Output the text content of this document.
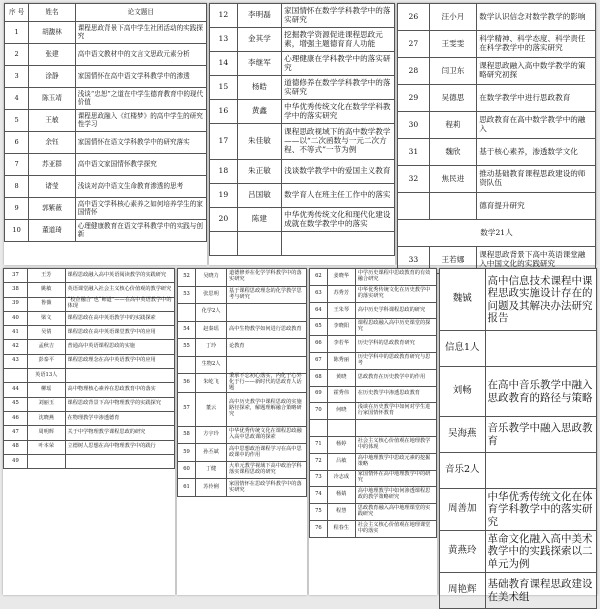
序 号	姓名	论文题目
1	胡馥林	课程思政背景下高中学生社团活动的实践探究
2	张建	高中语文教材中的文言文思政元素分析
3	涂静	家国情怀在高中语文学科教学中的渗透
4	陈玉靖	浅谈“忠恕”之道在中学生德育教育中的现代价值
5	王敏	课程思政融入《红楼梦》的高中学生的研究性学习
6	余钰	家国情怀在语文学科教学中的研究落实
7	苏亚群	高中语文家国情怀教学探究
8	诸莹	浅谈对高中语文生命教育渗透的思考
9	郭紫薇	高中语文学科核心素养之如何培养学生的家国情怀
10	董道琦	心理健康教育在语文学科教学中的实践与创新
12	李明磊	家国情怀在数学学科教学中的落实研究
13	金其学	挖掘教学资源促进课程思政元素，增强主题德育育人功能
14	李继军	心理健康在学科教学中的落实研究
15	杨皓	道德修养在数学学科教学中的落实研究
16	黄鑫	中华优秀传统文化在数学学科教学中的落实研究
17	朱佳敏	课程思政视域下的高中数学教学——以“二次函数与一元二次方程、不等式”一节为例
18	朱正敏	浅谈数学教学中的爱国主义教育
19	吕国敏	数学育人在班主任工作中的落实
20	陈建	中华优秀传统文化和现代化建设成就在数学教学中的落实

26	汪小月	数学认识信念对数学教学的影响
27	王雯雯	科学精神、科学态度、科学责任在科学教学中的落实研究
28	闫卫东	课程思政融入高中数学教学的策略研究初探
29	吴德思	在数学教学中进行思政教育
30	程莉	思政教育在高中数学教学中的融入
31	魏欣	基于核心素养，渗透数学文化
32	焦民进	推动基础教育课程思政建设的师资队伍
		德育提升研究
数学21人		
33	王若娜	课程思政背景下高中英语课堂融入中国文化的实践研究
37	王芳	课程思政融入高中英语阅读教学的实践研究
38	姚敏	英语课堂融入社会主义核心价值观的教学研究
39	鲁薇	“校企融合”也“师道”——在高中英语教学中的体现
40	梁文	课程思政在高中英语教学中的实践探索
41	吴倩	课程思政在高中英语课堂教学中的应用
42	孟秋吉	普通高中英语课程思政的实施
43	彭泰平	课程思政理念在高中英语教学中的应用
	英语13人	
44	柳瑶	高中物理核心素养在思政教育中的落实
45	刘丽玉	课程思政背景下高中物理教学的实践探究
46	沈晓燕	在物理教学中渗透德育
47	周明辉	关于中学物理教学课程思政的研究
48	叶本荣	立德树人思想在高中物理教学中的践行
49		
52	吴晓力	道德修养在化学学科教学中的落实研究
53	张思明	基于课程思政理念的化学教学思考与研究
	化学2人	
54	赵秦瑶	高中生物教学如何进行思政教育
55	丁玲	论教育
	生物2人	
56	朱屹飞	秉承不忘初心落实，内化于心外化于行——新时代的思政育人话题
57	董云	高中历史教学中课程思政的实施路径探索，解题理解融合策略研究
58	方宇玲	中华优秀传统文化在课程思政融入高中思政课的探索
59	孙丕斌	高中思想政治课程学习在高中思政课中的作用
60	丁健	大单元教学视域下高中政治学科落实课程思政的研究
61	苏伶俐	家国情怀在思政学科教学中的落实研究
62	姜晓华	中学历史课程中思政教育的有效融合研究
63	苏秀芳	中华优秀传统文化在历史教学中的落实研究
64	王朱琴	高中历史学科课程思政的研究
65	李晓阳	课程思政融入高中历史课堂的探究
66	李若华	历史学科的思政教育研究
67	陈秀丽	历史学科中的思政教育研究与思考
68	黄晓	思政教育在历史教学中的作用
69	霍秀伟	在历史教学中渗透思政教育
70	何晓	浅谈在历史教学中如何对学生进行家国情怀教育

71	杨婷	社会主义核心价值观在地理教学中的体现
72	吕敏	高中地理教学中思政元素的挖掘策略
73	冷志成	家国情怀在高中地理教学中的研究
74	杨婧	高中地理教学中如何渗透课程思政的教学策略研究
75	程慧	思政教育融入高中地理课堂的实践研究
76	程春生	社会主义核心价值观在地理课堂中的落实
魏铖	高中信息技术课程中课程思政实施设计存在的问题及其解决办法研究报告
信息1人	
刘畅	在高中音乐教学中融入思政教育的路径与策略
吴海燕	音乐教学中融入思政教育
音乐2人	
周善加	中华优秀传统文化在体育学科教学中的落实研究
黄燕玲	革命文化融入高中美术教学中的实践探索以二单元为例
周艳辉	基础教育课程思政建设在美术组
